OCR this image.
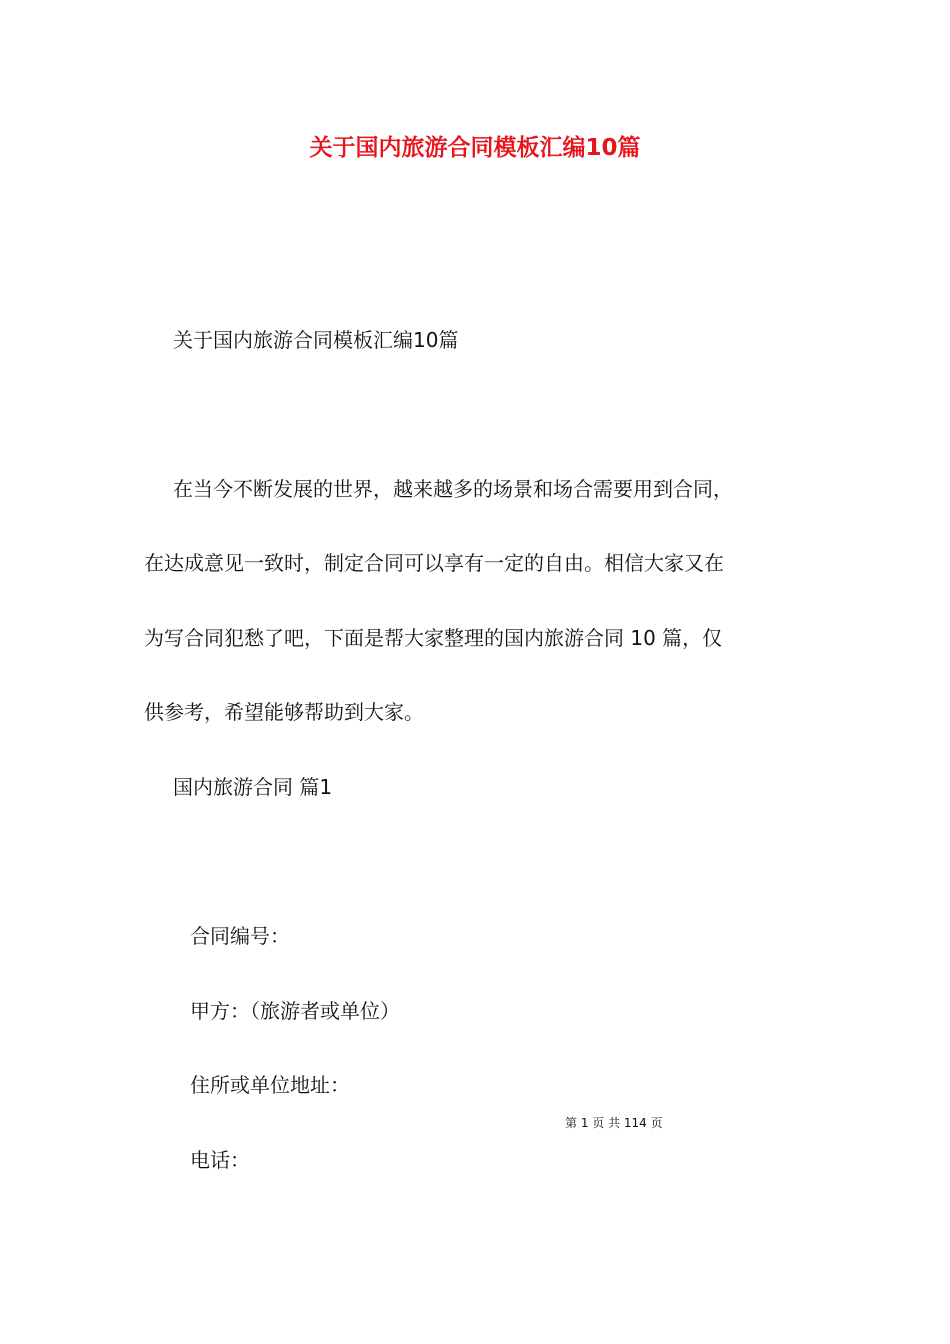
关于国内旅游合同模板汇编10篇

关于国内旅游合同模板汇编10篇

在当今不断发展的世界，越来越多的场景和场合需要用到合同，

在达成意见一致时，制定合同可以享有一定的自由。相信大家又在

为写合同犯愁了吧，下面是帮大家整理的国内旅游合同 10 篇，仅

供参考，希望能够帮助到大家。

国内旅游合同 篇1

合同编号：

甲方：（旅游者或单位）

住所或单位地址：

第 1 页 共 114 页

电话：
